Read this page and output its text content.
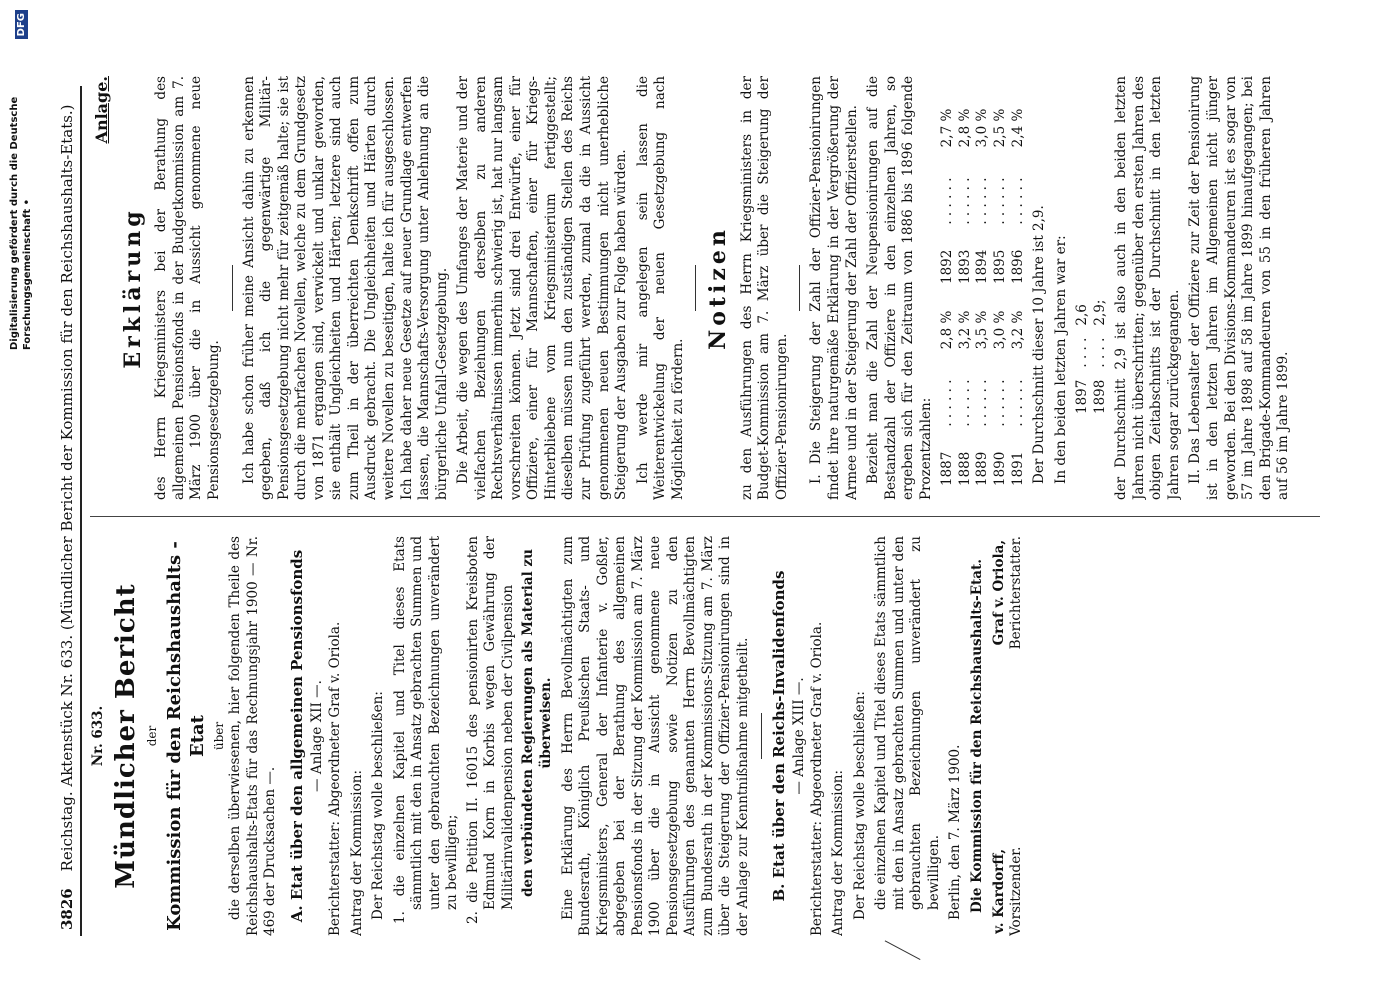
3826 Reichstag. Aktenstück Nr. 633. (Mündlicher Bericht der Kommission für den Reichshaushalts-Etats.) Nr. 633. Mündlicher Bericht der Kommission für den Reichshaushalts - Etat über die derselben überwiesenen, hier folgenden Theile des Reichshaushalts-Etats für das Rechnungsjahr 1900 — Nr. 469 der Drucksachen —. A. Etat über den allgemeinen Pensionsfonds — Anlage XII —. Berichterstatter: Abgeordneter Graf v. Oriola. Antrag der Kommission: Der Reichstag wolle beschließen: 1. die einzelnen Kapitel und Titel dieses Etats sämmtlich mit den in Ansatz gebrachten Summen und unter den gebrauchten Bezeichnungen unverändert zu bewilligen; 2. die Petition II. 16015 des pensionirten Kreisboten Edmund Korn in Korbis wegen Gewährung der Militärinvalidenpension neben der Civilpension den verbündeten Regierungen als Material zu überweisen. Eine Erklärung des Herrn Bevollmächtigten zum Bundesrath, Königlich Preußischen Staats- und Kriegsministers, General der Infanterie v. Goßler, abgegeben bei der Berathung des allgemeinen Pensionsfonds in der Sitzung der Kommission am 7. März 1900 über die in Aussicht genommene neue Pensionsgesetzgebung sowie Notizen zu den Ausführungen des genannten Herrn Bevollmächtigten zum Bundesrath in der Kommissions-Sitzung am 7. März über die Steigerung der Offizier-Pensionirungen sind in der Anlage zur Kenntnißnahme mitgetheilt. B. Etat über den Reichs-Invalidenfonds — Anlage XIII —. Berichterstatter: Abgeordneter Graf v. Oriola. Antrag der Kommission: Der Reichstag wolle beschließen: die einzelnen Kapitel und Titel dieses Etats sämmtlich mit den in Ansatz gebrachten Summen und unter den gebrauchten Bezeichnungen unverändert zu bewilligen. Berlin, den 7. März 1900. Die Kommission für den Reichshaushalts-Etat. v. Kardorff, Vorsitzender.
Graf v. Oriola, Berichterstatter.
Anlage.
Erklärung des Herrn Kriegsministers bei der Berathung des allgemeinen Pensionsfonds in der Budgetkommission am 7. März 1900 über die in Aussicht genommene neue Pensionsgesetzgebung. Ich habe schon früher meine Ansicht dahin zu erkennen gegeben, daß ich die gegenwärtige Militär-Pensionsgesetzgebung nicht mehr für zeitgemäß halte; sie ist durch die mehrfachen Novellen, welche zu dem Grundgesetz von 1871 ergangen sind, verwickelt und unklar geworden, sie enthält Ungleichheiten und Härten; letztere sind auch zum Theil in der überreichten Denkschrift offen zum Ausdruck gebracht. Die Ungleichheiten und Härten durch weitere Novellen zu beseitigen, halte ich für ausgeschlossen. Ich habe daher neue Gesetze auf neuer Grundlage entwerfen lassen, die Mannschafts-Versorgung unter Anlehnung an die bürgerliche Unfall-Gesetzgebung. Die Arbeit, die wegen des Umfanges der Materie und der vielfachen Beziehungen derselben zu anderen Rechtsverhältnissen immerhin schwierig ist, hat nur langsam vorschreiten können. Jetzt sind drei Entwürfe, einer für Offiziere, einer für Mannschaften, einer für Kriegs-Hinterbliebene vom Kriegsministerium fertiggestellt; dieselben müssen nun den zuständigen Stellen des Reichs zur Prüfung zugeführt werden, zumal da die in Aussicht genommenen neuen Bestimmungen nicht unerhebliche Steigerung der Ausgaben zur Folge haben würden. Ich werde mir angelegen sein lassen die Weiterentwickelung der neuen Gesetzgebung nach Möglichkeit zu fördern.

Notizen zu den Ausführungen des Herrn Kriegsministers in der Budget-Kommission am 7. März über die Steigerung der Offizier-Pensionirungen. I. Die Steigerung der Zahl der Offizier-Pensionirungen findet ihre naturgemäße Erklärung in der Vergrößerung der Armee und in der Steigerung der Zahl der Offizierstellen. Bezieht man die Zahl der Neupensionirungen auf die Bestandzahl der Offiziere in den einzelnen Jahren, so ergeben sich für den Zeitraum von 1886 bis 1896 folgende Prozentzahlen: 1887	. . . . . .	2,8 %	1892	. . . . . .	2,7 %
1888	. . . . . .	3,2 %	1893	. . . . . .	2,8 %
1889	. . . . . .	3,5 %	1894	. . . . . .	3,0 %
1890	. . . . . .	3,0 %	1895	. . . . . .	2,5 %
1891	. . . . . .	3,2 %	1896	. . . . . .	2,4 %

Der Durchschnitt dieser 10 Jahre ist 2,9. In den beiden letzten Jahren war er: 1897	. . . .	2,6
1898	. . . .	2,9; der Durchschnitt 2,9 ist also auch in den beiden letzten Jahren nicht überschritten; gegenüber den ersten Jahren des obigen Zeitabschnitts ist der Durchschnitt in den letzten Jahren sogar zurückgegangen. II. Das Lebensalter der Offiziere zur Zeit der Pensionirung ist in den letzten Jahren im Allgemeinen nicht jünger geworden. Bei den Divisions-Kommandeuren ist es sogar von 57 im Jahre 1898 auf 58 im Jahre 1899 hinaufgegangen; bei den Brigade-Kommandeuren von 55 in den früheren Jahren auf 56 im Jahre 1899.

Digitalisierung gefördert durch die Deutsche Forschungsgemeinschaft •
DFG
